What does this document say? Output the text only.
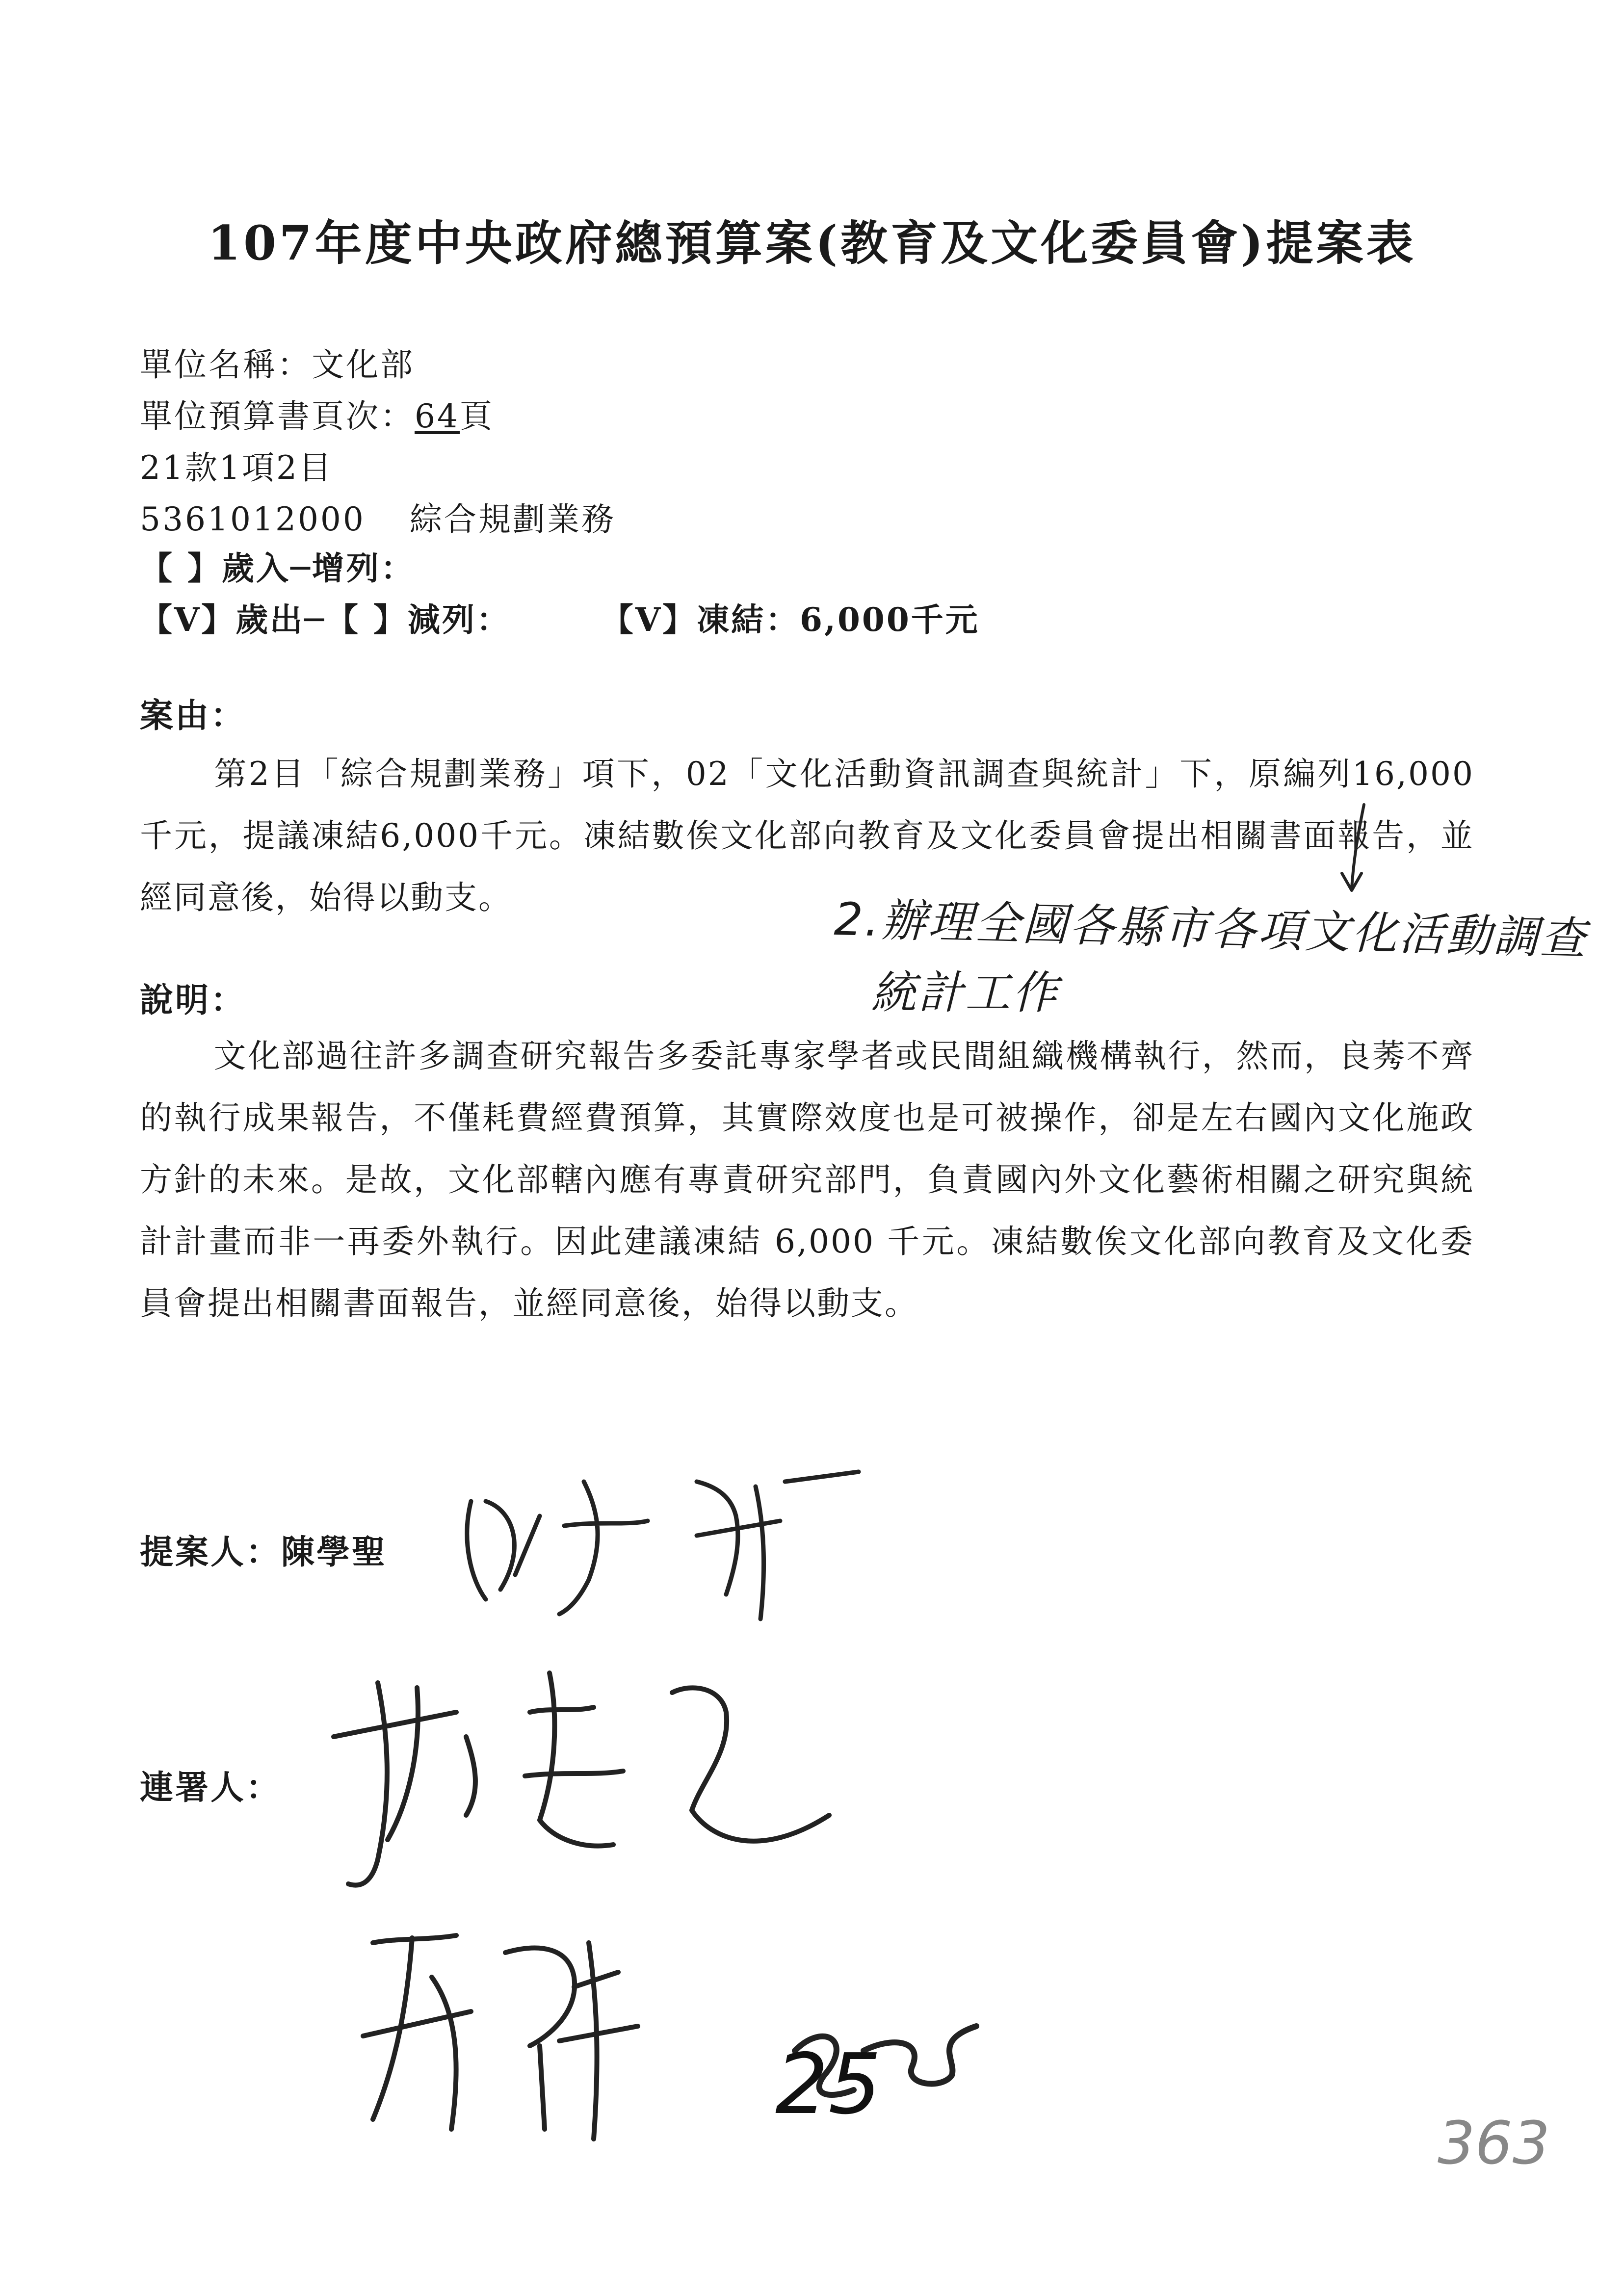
107年度中央政府總預算案(教育及文化委員會)提案表
單位名稱：文化部
單位預算書頁次：64頁
21款1項2目
5361012000 綜合規劃業務
【 】歲入─增列：
【V】歲出─【 】減列：	【V】凍結：6,000千元
案由：
第2目「綜合規劃業務」項下，02「文化活動資訊調查與統計」下，原編列16,000千元，提議凍結6,000千元。凍結數俟文化部向教育及文化委員會提出相關書面報告，並經同意後，始得以動支。	2.辦理全國各縣市各項文化活動調查
統計工作
說明：
文化部過往許多調查研究報告多委託專家學者或民間組織機構執行，然而，良莠不齊的執行成果報告，不僅耗費經費預算，其實際效度也是可被操作，卻是左右國內文化施政方針的未來。是故，文化部轄內應有專責研究部門，負責國內外文化藝術相關之研究與統計計畫而非一再委外執行。因此建議凍結 6,000 千元。凍結數俟文化部向教育及文化委員會提出相關書面報告，並經同意後，始得以動支。
提案人：陳學聖
連署人：
25
363
